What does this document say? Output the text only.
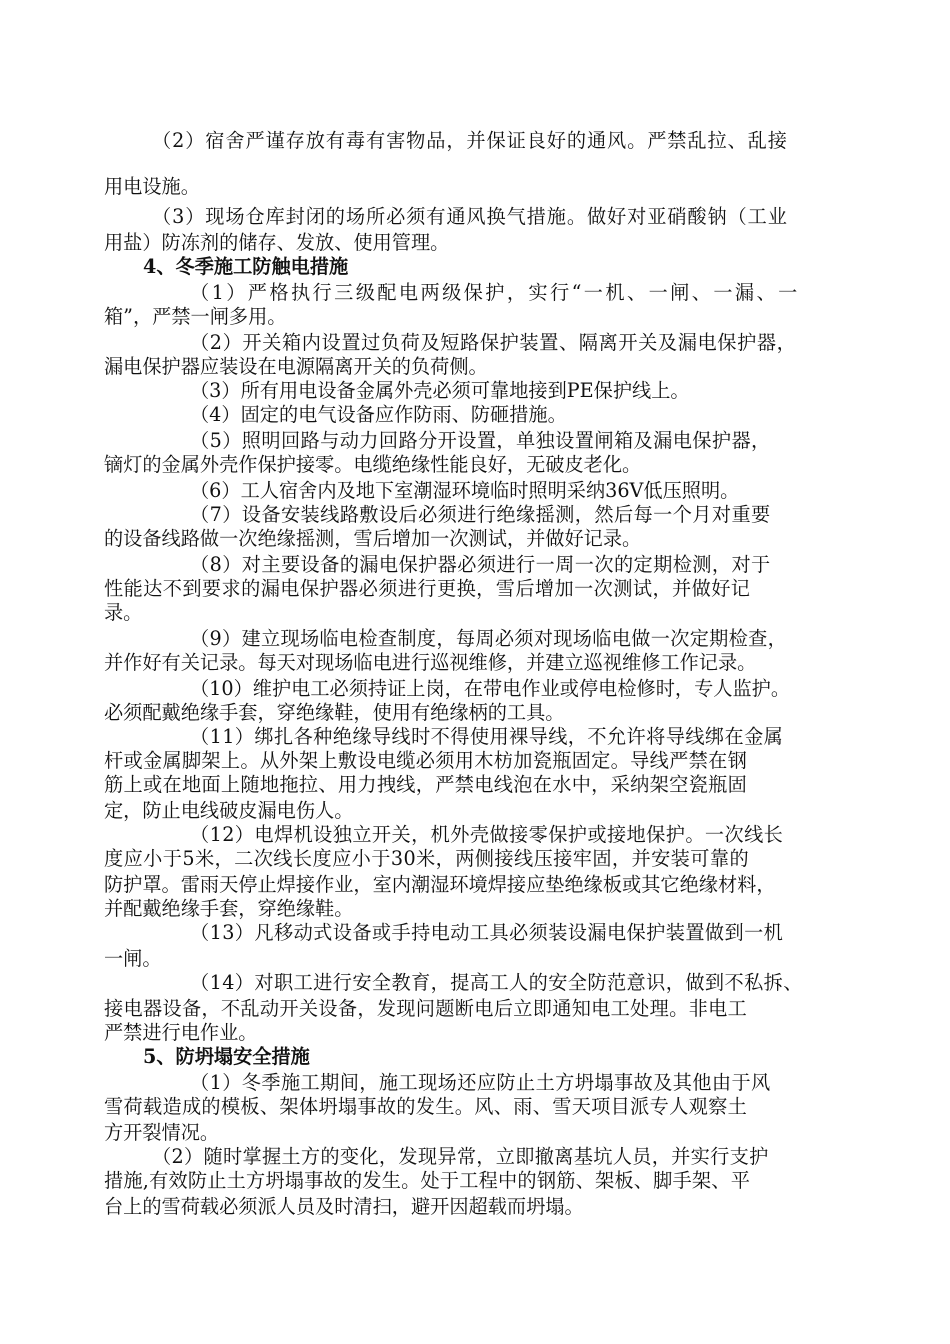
（2）宿舍严谨存放有毒有害物品，并保证良好的通风。严禁乱拉、乱接
用电设施。
（3）现场仓库封闭的场所必须有通风换气措施。做好对亚硝酸钠（工业
用盐）防冻剂的储存、发放、使用管理。
4、冬季施工防触电措施
（1）严格执行三级配电两级保护，实行“一机、一闸、一漏、一
箱”，严禁一闸多用。
（2）开关箱内设置过负荷及短路保护装置、隔离开关及漏电保护器，
漏电保护器应装设在电源隔离开关的负荷侧。
（3）所有用电设备金属外壳必须可靠地接到PE保护线上。
（4）固定的电气设备应作防雨、防砸措施。
（5）照明回路与动力回路分开设置，单独设置闸箱及漏电保护器，
镝灯的金属外壳作保护接零。电缆绝缘性能良好，无破皮老化。
（6）工人宿舍内及地下室潮湿环境临时照明采纳36V低压照明。
（7）设备安装线路敷设后必须进行绝缘摇测，然后每一个月对重要
的设备线路做一次绝缘摇测，雪后增加一次测试，并做好记录。
（8）对主要设备的漏电保护器必须进行一周一次的定期检测，对于
性能达不到要求的漏电保护器必须进行更换，雪后增加一次测试，并做好记
录。
（9）建立现场临电检查制度，每周必须对现场临电做一次定期检查，
并作好有关记录。每天对现场临电进行巡视维修，并建立巡视维修工作记录。
（10）维护电工必须持证上岗，在带电作业或停电检修时，专人监护。
必须配戴绝缘手套，穿绝缘鞋，使用有绝缘柄的工具。
（11）绑扎各种绝缘导线时不得使用裸导线，不允许将导线绑在金属
杆或金属脚架上。从外架上敷设电缆必须用木枋加瓷瓶固定。导线严禁在钢
筋上或在地面上随地拖拉、用力拽线，严禁电线泡在水中，采纳架空瓷瓶固
定，防止电线破皮漏电伤人。
（12）电焊机设独立开关，机外壳做接零保护或接地保护。一次线长
度应小于5米，二次线长度应小于30米，两侧接线压接牢固，并安装可靠的
防护罩。雷雨天停止焊接作业，室内潮湿环境焊接应垫绝缘板或其它绝缘材料，
并配戴绝缘手套，穿绝缘鞋。
（13）凡移动式设备或手持电动工具必须装设漏电保护装置做到一机
一闸。
（14）对职工进行安全教育，提高工人的安全防范意识，做到不私拆、
接电器设备，不乱动开关设备，发现问题断电后立即通知电工处理。非电工
严禁进行电作业。
5、防坍塌安全措施
（1）冬季施工期间，施工现场还应防止土方坍塌事故及其他由于风
雪荷载造成的模板、架体坍塌事故的发生。风、雨、雪天项目派专人观察土
方开裂情况。
（2）随时掌握土方的变化，发现异常，立即撤离基坑人员，并实行支护
措施,有效防止土方坍塌事故的发生。处于工程中的钢筋、架板、脚手架、平
台上的雪荷载必须派人员及时清扫，避开因超载而坍塌。
